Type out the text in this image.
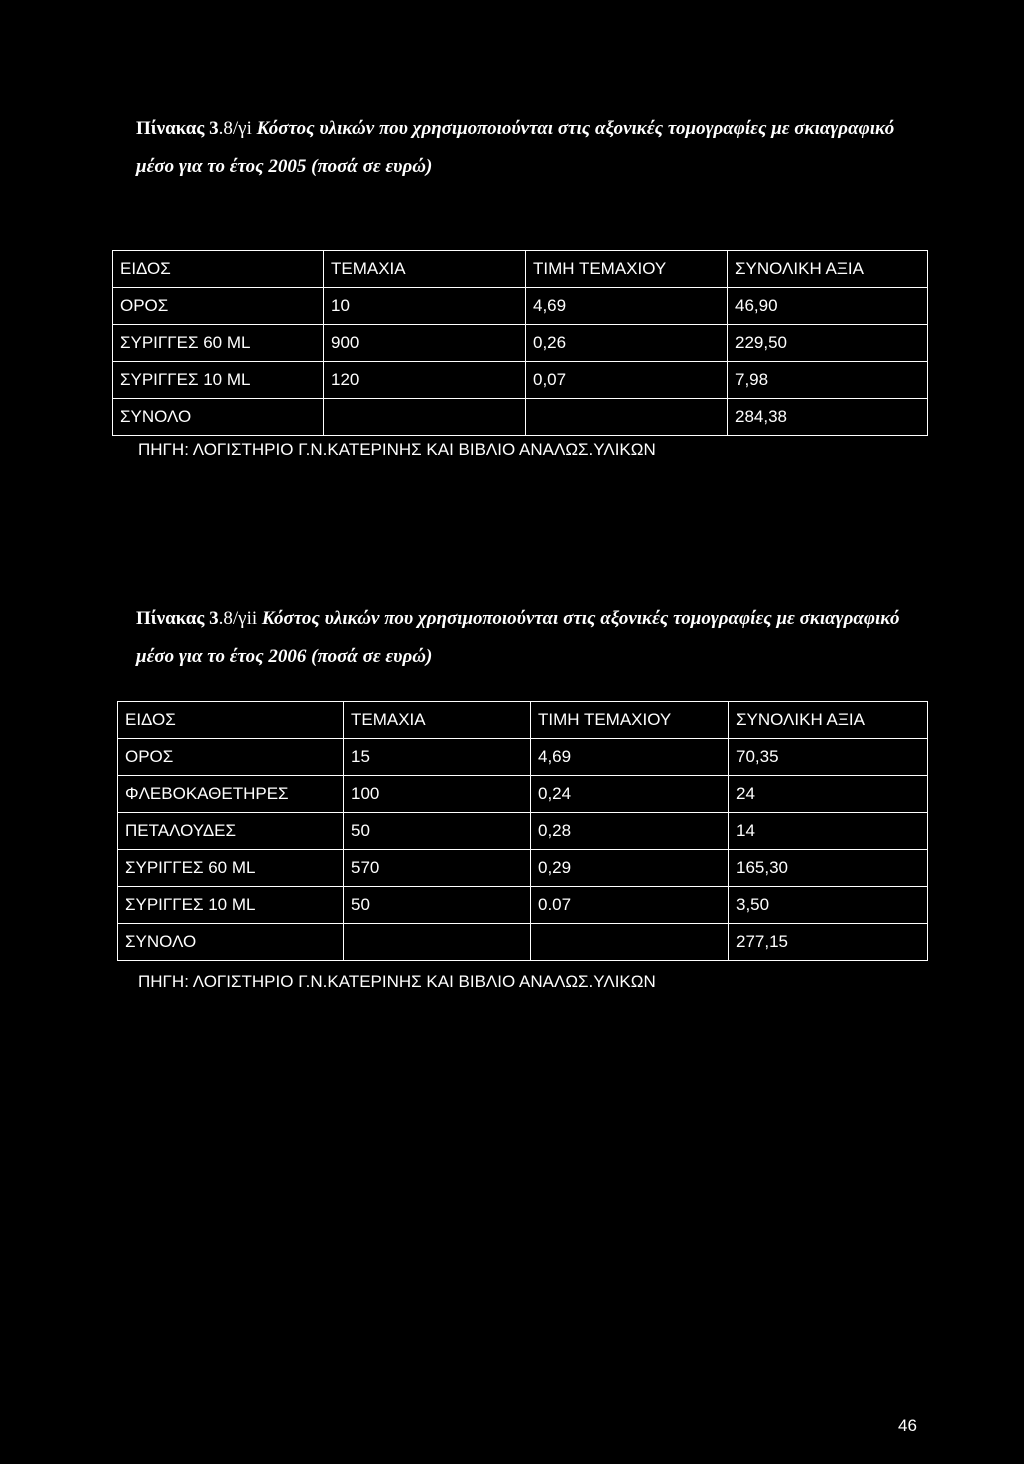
Πίνακας 3.8/γi Κόστος υλικών που χρησιμοποιούνται στις αξονικές τομογραφίες με σκιαγραφικό μέσο για το έτος 2005 (ποσά σε ευρώ)

ΕΙΔΟΣ	ΤΕΜΑΧΙΑ	ΤΙΜΗ ΤΕΜΑΧΙΟΥ	ΣΥΝΟΛΙΚΗ ΑΞΙΑ
ΟΡΟΣ	10	4,69	46,90
ΣΥΡΙΓΓΕΣ 60 ML	900	0,26	229,50
ΣΥΡΙΓΓΕΣ 10 ML	120	0,07	7,98
ΣΥΝΟΛΟ			284,38

ΠΗΓΗ: ΛΟΓΙΣΤΗΡΙΟ Γ.Ν.ΚΑΤΕΡΙΝΗΣ ΚΑΙ ΒΙΒΛΙΟ ΑΝΑΛΩΣ.ΥΛΙΚΩΝ

Πίνακας 3.8/γii Κόστος υλικών που χρησιμοποιούνται στις αξονικές τομογραφίες με σκιαγραφικό μέσο για το έτος 2006 (ποσά σε ευρώ)

ΕΙΔΟΣ	ΤΕΜΑΧΙΑ	ΤΙΜΗ ΤΕΜΑΧΙΟΥ	ΣΥΝΟΛΙΚΗ ΑΞΙΑ
ΟΡΟΣ	15	4,69	70,35
ΦΛΕΒΟΚΑΘΕΤΗΡΕΣ	100	0,24	24
ΠΕΤΑΛΟΥΔΕΣ	50	0,28	14
ΣΥΡΙΓΓΕΣ 60 ML	570	0,29	165,30
ΣΥΡΙΓΓΕΣ 10 ML	50	0.07	3,50
ΣΥΝΟΛΟ			277,15

ΠΗΓΗ: ΛΟΓΙΣΤΗΡΙΟ Γ.Ν.ΚΑΤΕΡΙΝΗΣ ΚΑΙ ΒΙΒΛΙΟ ΑΝΑΛΩΣ.ΥΛΙΚΩΝ

46
